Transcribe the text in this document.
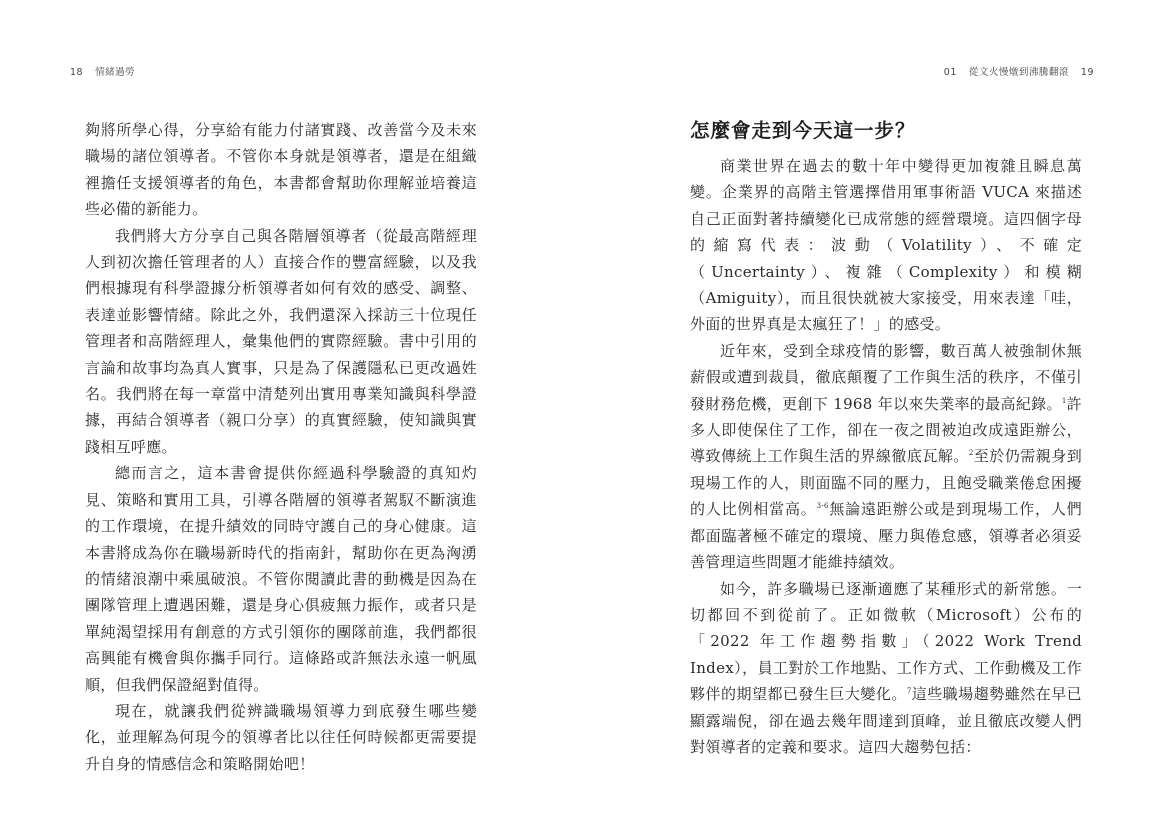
18 情緒過勞	01 從文火慢燉到沸騰翻滾 19

夠將所學心得，分享給有能力付諸實踐、改善當今及未來職場的諸位領導者。不管你本身就是領導者，還是在組織裡擔任支援領導者的角色，本書都會幫助你理解並培養這些必備的新能力。

我們將大方分享自己與各階層領導者（從最高階經理人到初次擔任管理者的人）直接合作的豐富經驗，以及我們根據現有科學證據分析領導者如何有效的感受、調整、表達並影響情緒。除此之外，我們還深入採訪三十位現任管理者和高階經理人，彙集他們的實際經驗。書中引用的言論和故事均為真人實事，只是為了保護隱私已更改過姓名。我們將在每一章當中清楚列出實用專業知識與科學證據，再結合領導者（親口分享）的真實經驗，使知識與實踐相互呼應。

總而言之，這本書會提供你經過科學驗證的真知灼見、策略和實用工具，引導各階層的領導者駕馭不斷演進的工作環境，在提升績效的同時守護自己的身心健康。這本書將成為你在職場新時代的指南針，幫助你在更為洶湧的情緒浪潮中乘風破浪。不管你閱讀此書的動機是因為在團隊管理上遭遇困難，還是身心俱疲無力振作，或者只是單純渴望採用有創意的方式引領你的團隊前進，我們都很高興能有機會與你攜手同行。這條路或許無法永遠一帆風順，但我們保證絕對值得。

現在，就讓我們從辨識職場領導力到底發生哪些變化，並理解為何現今的領導者比以往任何時候都更需要提升自身的情感信念和策略開始吧！

怎麼會走到今天這一步？

商業世界在過去的數十年中變得更加複雜且瞬息萬變。企業界的高階主管選擇借用軍事術語 VUCA 來描述自己正面對著持續變化已成常態的經營環境。這四個字母的縮寫代表：波動（Volatility）、不確定（Uncertainty）、複雜（Complexity）和模糊（Amiguity），而且很快就被大家接受，用來表達「哇，外面的世界真是太瘋狂了！」的感受。

近年來，受到全球疫情的影響，數百萬人被強制休無薪假或遭到裁員，徹底顛覆了工作與生活的秩序，不僅引發財務危機，更創下 1968 年以來失業率的最高紀錄。$^1$許多人即使保住了工作，卻在一夜之間被迫改成遠距辦公，導致傳統上工作與生活的界線徹底瓦解。$^2$至於仍需親身到現場工作的人，則面臨不同的壓力，且飽受職業倦怠困擾的人比例相當高。$^{3-6}$無論遠距辦公或是到現場工作，人們都面臨著極不確定的環境、壓力與倦怠感，領導者必須妥善管理這些問題才能維持績效。

如今，許多職場已逐漸適應了某種形式的新常態。一切都回不到從前了。正如微軟（Microsoft）公布的「2022 年工作趨勢指數」（2022 Work Trend Index），員工對於工作地點、工作方式、工作動機及工作夥伴的期望都已發生巨大變化。$^7$這些職場趨勢雖然在早已顯露端倪，卻在過去幾年間達到頂峰，並且徹底改變人們對領導者的定義和要求。這四大趨勢包括：
